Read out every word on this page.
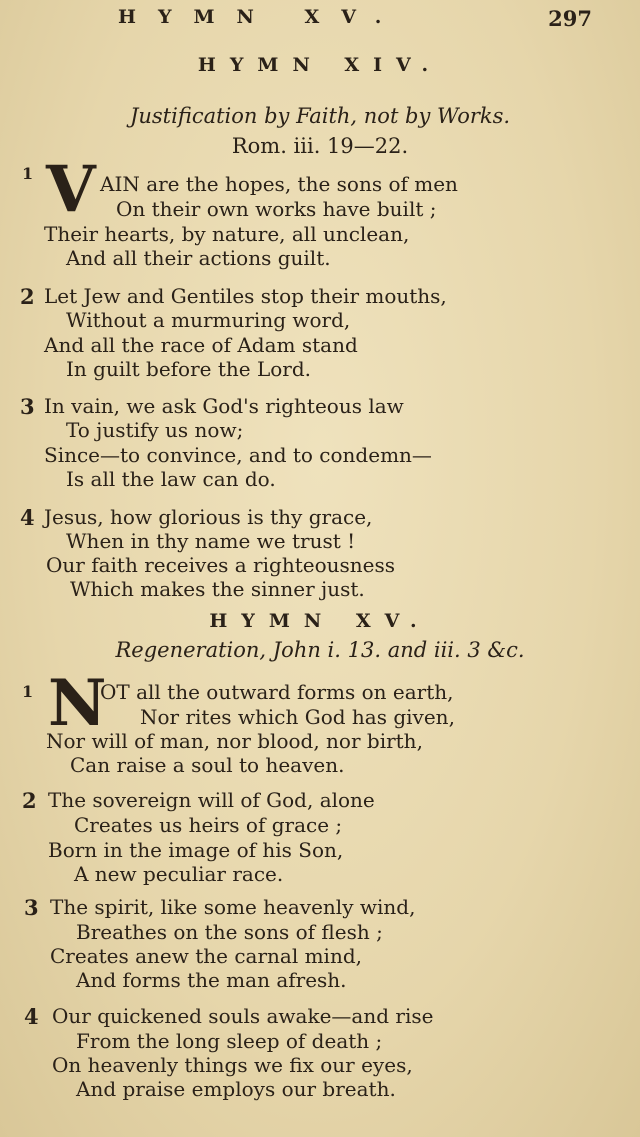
HYMN XV.	297
HYMN XIV.
Justification by Faith, not by Works.
Rom. iii. 19—22.
1 V AIN are the hopes, the sons of men
On their own works have built ;
Their hearts, by nature, all unclean,
And all their actions guilt.
2 Let Jew and Gentiles stop their mouths,
Without a murmuring word,
And all the race of Adam stand
In guilt before the Lord.
3 In vain, we ask God's righteous law
To justify us now;
Since—to convince, and to condemn—
Is all the law can do.
4 Jesus, how glorious is thy grace,
When in thy name we trust !
Our faith receives a righteousness
Which makes the sinner just.
HYMN XV.
Regeneration, John i. 13. and iii. 3 &c.
1 N
OT all the outward forms on earth,
Nor rites which God has given,
Nor will of man, nor blood, nor birth,
Can raise a soul to heaven.
2 The sovereign will of God, alone
Creates us heirs of grace ;
Born in the image of his Son,
A new peculiar race.
3 The spirit, like some heavenly wind,
Breathes on the sons of flesh ;
Creates anew the carnal mind,
And forms the man afresh.
4 Our quickened souls awake—and rise
From the long sleep of death ;
On heavenly things we fix our eyes,
And praise employs our breath.
